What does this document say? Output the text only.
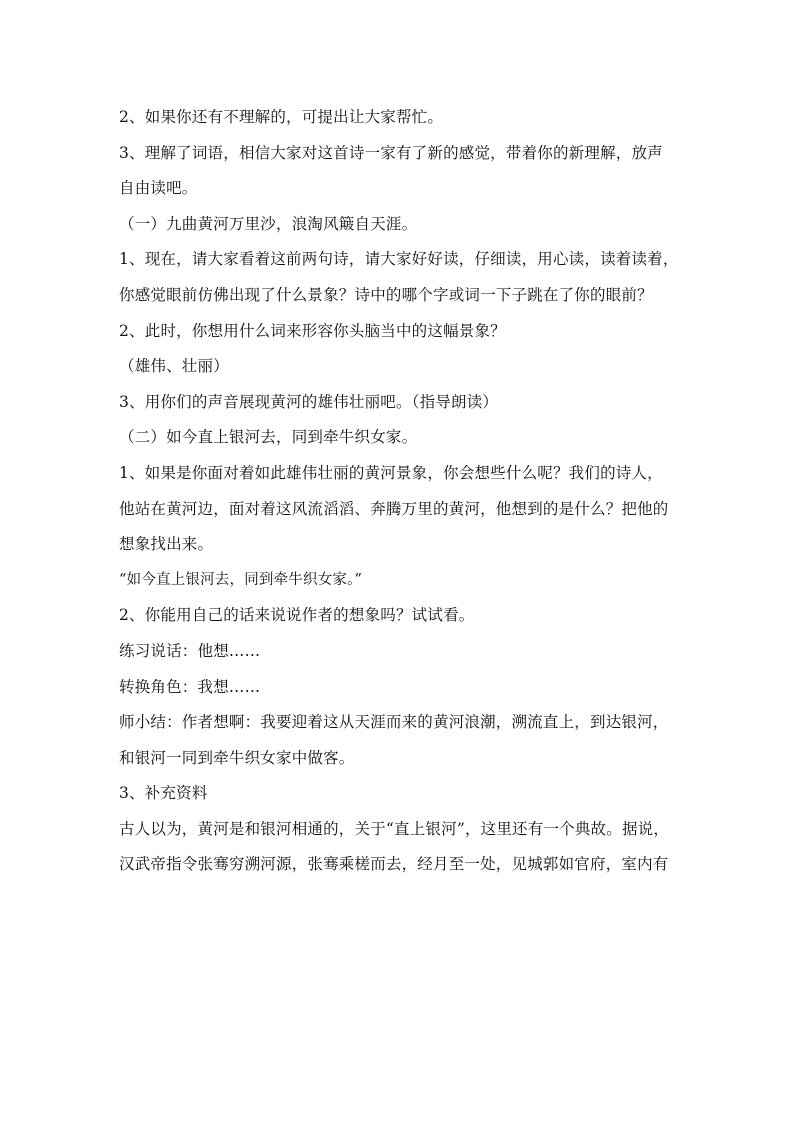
2、如果你还有不理解的，可提出让大家帮忙。
3、理解了词语，相信大家对这首诗一家有了新的感觉，带着你的新理解，放声
自由读吧。
（一）九曲黄河万里沙，浪淘风簸自天涯。
1、现在，请大家看着这前两句诗，请大家好好读，仔细读，用心读，读着读着，
你感觉眼前仿佛出现了什么景象？诗中的哪个字或词一下子跳在了你的眼前？
2、此时，你想用什么词来形容你头脑当中的这幅景象？
（雄伟、壮丽）
3、用你们的声音展现黄河的雄伟壮丽吧。（指导朗读）
（二）如今直上银河去，同到牵牛织女家。
1、如果是你面对着如此雄伟壮丽的黄河景象，你会想些什么呢？我们的诗人，
他站在黄河边，面对着这风流滔滔、奔腾万里的黄河，他想到的是什么？把他的
想象找出来。
“如今直上银河去，同到牵牛织女家。”
2、你能用自己的话来说说作者的想象吗？试试看。
练习说话：他想……
转换角色：我想……
师小结：作者想啊：我要迎着这从天涯而来的黄河浪潮，溯流直上，到达银河，
和银河一同到牵牛织女家中做客。
3、补充资料
古人以为，黄河是和银河相通的，关于“直上银河”，这里还有一个典故。据说，
汉武帝指令张骞穷溯河源，张骞乘槎而去，经月至一处，见城郭如官府，室内有
